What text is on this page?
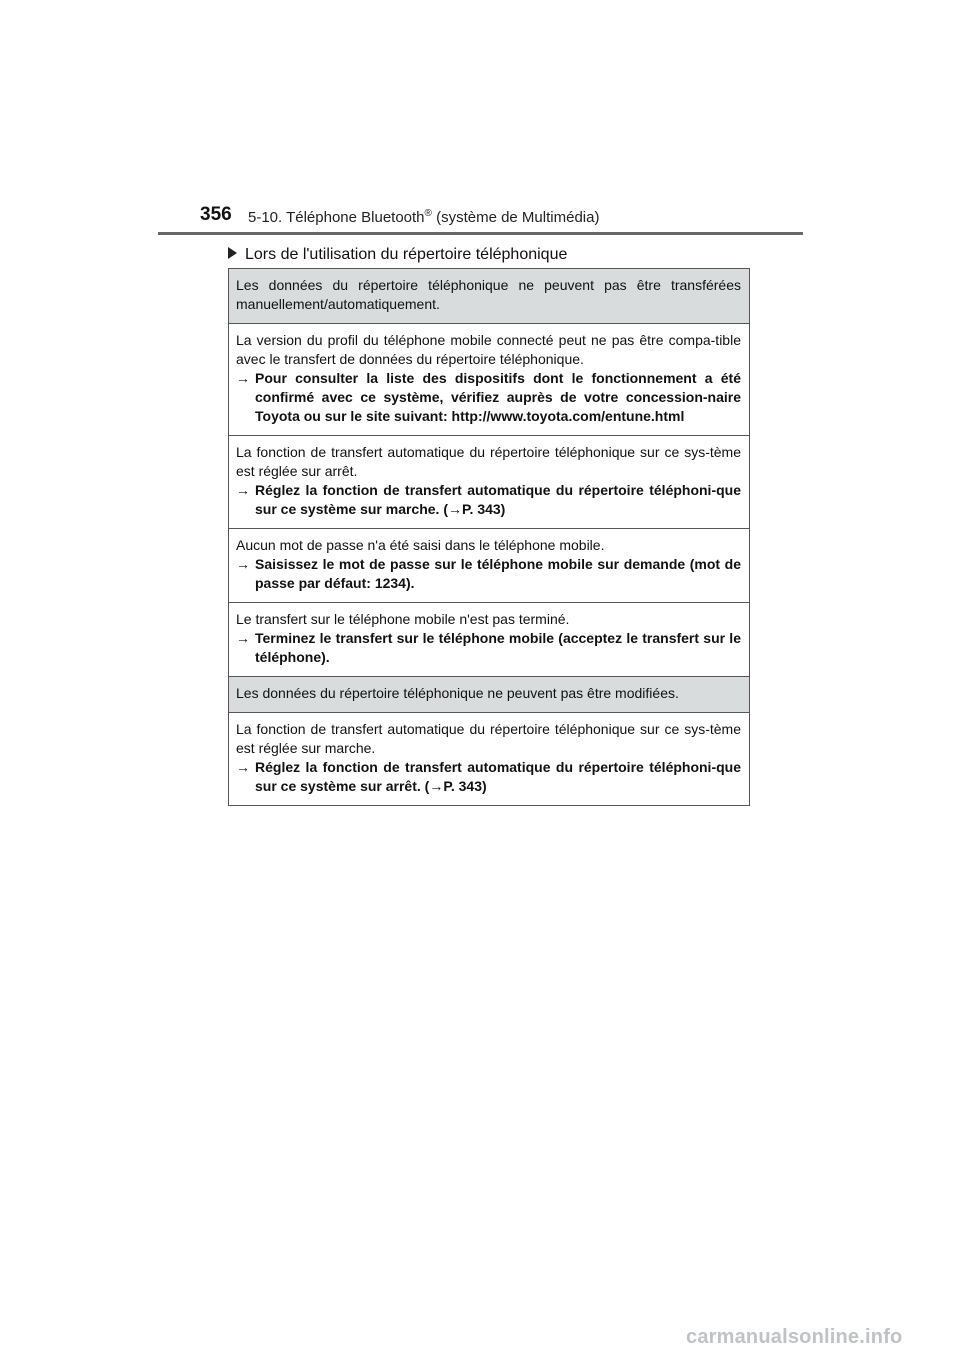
356 5-10. Téléphone Bluetooth® (système de Multimédia)
Lors de l'utilisation du répertoire téléphonique

Les données du répertoire téléphonique ne peuvent pas être transférées manuellement/automatiquement.

La version du profil du téléphone mobile connecté peut ne pas être compa-tible avec le transfert de données du répertoire téléphonique.

→ Pour consulter la liste des dispositifs dont le fonctionnement a été confirmé avec ce système, vérifiez auprès de votre concession-naire Toyota ou sur le site suivant: http://www.toyota.com/entune.html

La fonction de transfert automatique du répertoire téléphonique sur ce sys-tème est réglée sur arrêt.

→ Réglez la fonction de transfert automatique du répertoire téléphoni-que sur ce système sur marche. (→P. 343)

Aucun mot de passe n'a été saisi dans le téléphone mobile.

→ Saisissez le mot de passe sur le téléphone mobile sur demande (mot de passe par défaut: 1234).

Le transfert sur le téléphone mobile n'est pas terminé.

→ Terminez le transfert sur le téléphone mobile (acceptez le transfert sur le téléphone).

Les données du répertoire téléphonique ne peuvent pas être modifiées.

La fonction de transfert automatique du répertoire téléphonique sur ce sys-tème est réglée sur marche.

→ Réglez la fonction de transfert automatique du répertoire téléphoni-que sur ce système sur arrêt. (→P. 343)
carmanualsonline.info
